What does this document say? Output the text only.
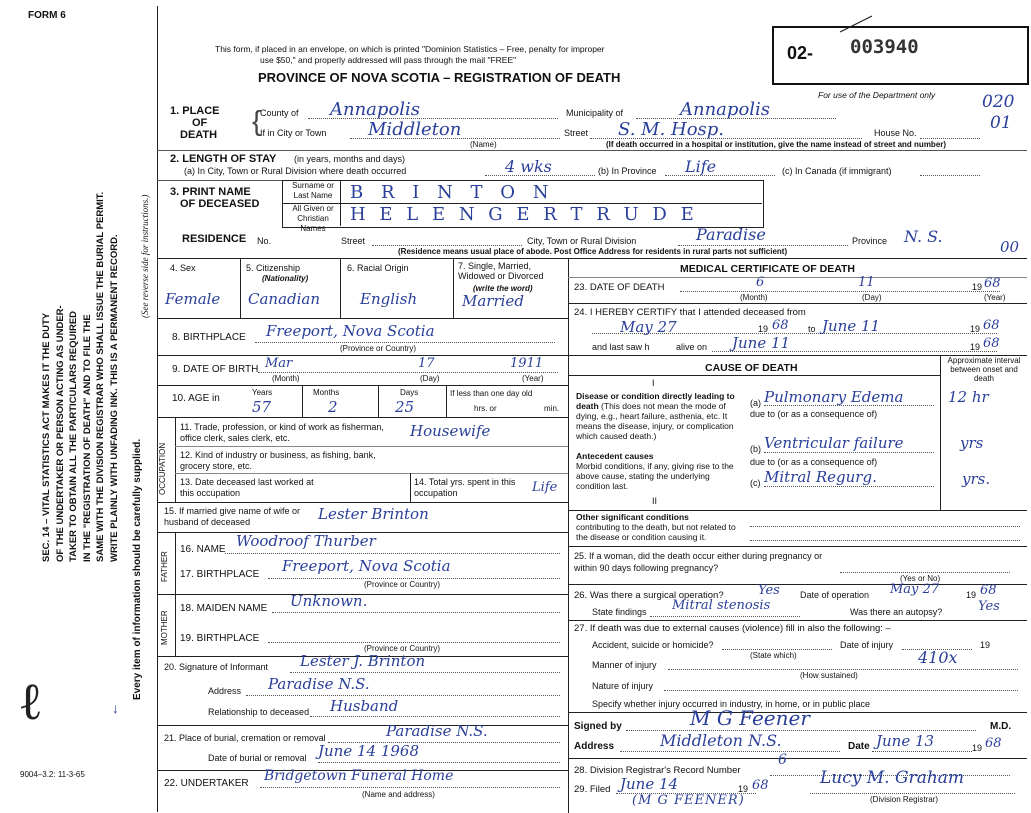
FORM 6
SEC. 14 – VITAL STATISTICS ACT MAKES IT THE DUTY OF THE UNDERTAKER OR PERSON ACTING AS UNDER- TAKER TO OBTAIN ALL THE PARTICULARS REQUIRED IN THE "REGISTRATION OF DEATH" AND TO FILE THE SAME WITH THE DIVISION REGISTRAR WHO SHALL ISSUE THE BURIAL PERMIT. WRITE PLAINLY WITH UNFADING INK. THIS IS A PERMANENT RECORD.
Every item of information should be carefully supplied.
(See reverse side for instructions.)
ℓ	↓
9004–3.2: 11-3-65
This form, if placed in an envelope, on which is printed "Dominion Statistics – Free, penalty for improper
use $50," and properly addressed will pass through the mail "FREE"
PROVINCE OF NOVA SCOTIA – REGISTRATION OF DEATH
02- 003940
For use of the Department only	020
01
00
1. PLACE
OF
DEATH {
County of Annapolis	Municipality of	Annapolis
If in City or Town Middleton	Street S. M. Hosp.	House No.
(Name)	(If death occurred in a hospital or institution, give the name instead of street and number)
2. LENGTH OF STAY (in years, months and days)
(a) In City, Town or Rural Division where death occurred	4 wks	(b) In Province Life	(c) In Canada (if immigrant)
3. PRINT NAME
OF DECEASED
Surname or Last Name
All Given or Christian Names
B R I N T O N
H E L E N G E R T R U D E
RESIDENCE No.	Street	City, Town or Rural Division	Paradise	Province N. S.
(Residence means usual place of abode. Post Office Address for residents in rural parts not sufficient)
4. Sex
Female
5. Citizenship
(Nationality)
Canadian
6. Racial Origin
English
7. Single, Married, Widowed or Divorced
(write the word)
Married
8. BIRTHPLACE Freeport, Nova Scotia
(Province or Country)
9. DATE OF BIRTH Mar	17	1911
(Month)	(Day)	(Year)
10. AGE in
Years	Months	Days
57	2	25
If less than one day old
hrs. or	min.
OCCUPATION
11. Trade, profession, or kind of work as fisherman, office clerk, sales clerk, etc.	Housewife
12. Kind of industry or business, as fishing, bank, grocery store, etc.
13. Date deceased last worked at this occupation
14. Total yrs. spent in this occupation	Life
15. If married give name of wife or husband of deceased	Lester Brinton
FATHER
16. NAME Woodroof Thurber
17. BIRTHPLACE Freeport, Nova Scotia
(Province or Country)
MOTHER
18. MAIDEN NAME Unknown.
19. BIRTHPLACE
(Province or Country)
20. Signature of Informant Lester J. Brinton
Address Paradise N.S.
Relationship to deceased Husband
21. Place of burial, cremation or removal	Paradise N.S.
Date of burial or removal June 14 1968
22. UNDERTAKER Bridgetown Funeral Home
(Name and address)
MEDICAL CERTIFICATE OF DEATH
23. DATE OF DEATH	6	11	19 68
(Month)	(Day)	(Year)
24. I HEREBY CERTIFY that I attended deceased from
May 27	19 68 to June 11	19 68
and last saw h	alive on June 11	19 68
CAUSE OF DEATH
Approximate interval between onset and death
I
Disease or condition directly leading to death (This does not mean the mode of dying, e.g., heart failure, asthenia, etc. It means the disease, injury, or complication which caused death.)
(a) Pulmonary Edema	12 hr
due to (or as a consequence of)
Antecedent causes
Morbid conditions, if any, giving rise to the above cause, stating the underlying condition last.
(b) Ventricular failure	yrs
due to (or as a consequence of)
(c) Mitral Regurg.	yrs.
II
Other significant conditions
contributing to the death, but not related to the disease or condition causing it.
25. If a woman, did the death occur either during pregnancy or within 90 days following pregnancy?
(Yes or No)
26. Was there a surgical operation?	Yes Date of operation May 27	19 68
State findings Mitral stenosis	Was there an autopsy?	Yes
27. If death was due to external causes (violence) fill in also the following: –
Accident, suicide or homicide?
(State which)
Date of injury	19
410x
Manner of injury
(How sustained)
Nature of injury
Specify whether injury occurred in industry, in home, or in public place
Signed by	M G Feener	M.D.
Address	Middleton N.S.	Date June 13	19 68
28. Division Registrar's Record Number
6
29. Filed June 14	19 68	Lucy M. Graham
(Division Registrar)
(M G FEENER)
